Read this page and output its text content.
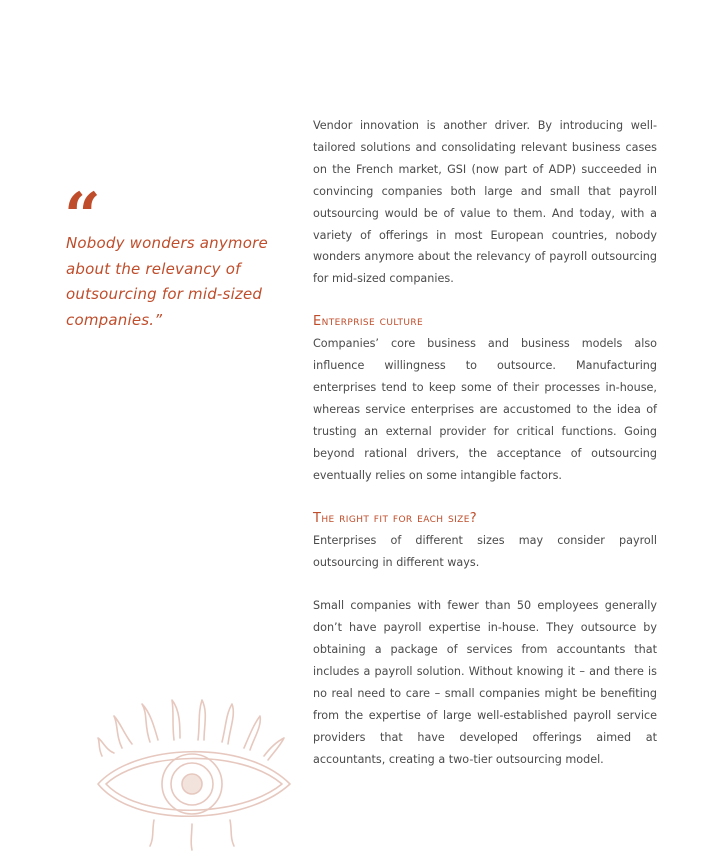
“
Nobody wonders anymore about the relevancy of outsourcing for mid-sized companies.”

Vendor innovation is another driver. By introducing well-tailored solutions and consolidating relevant business cases on the French market, GSI (now part of ADP) succeeded in convincing companies both large and small that payroll outsourcing would be of value to them. And today, with a variety of offerings in most European countries, nobody wonders anymore about the relevancy of payroll outsourcing for mid-sized companies.

Enterprise culture

Companies’ core business and business models also influence willingness to outsource. Manufacturing enterprises tend to keep some of their processes in-house, whereas service enterprises are accustomed to the idea of trusting an external provider for critical functions. Going beyond rational drivers, the acceptance of outsourcing eventually relies on some intangible factors.

The right fit for each size?

Enterprises of different sizes may consider payroll outsourcing in different ways.

Small companies with fewer than 50 employees generally don’t have payroll expertise in-house. They outsource by obtaining a package of services from accountants that includes a payroll solution. Without knowing it – and there is no real need to care – small companies might be benefiting from the expertise of large well-established payroll service providers that have developed offerings aimed at accountants, creating a two-tier outsourcing model.
